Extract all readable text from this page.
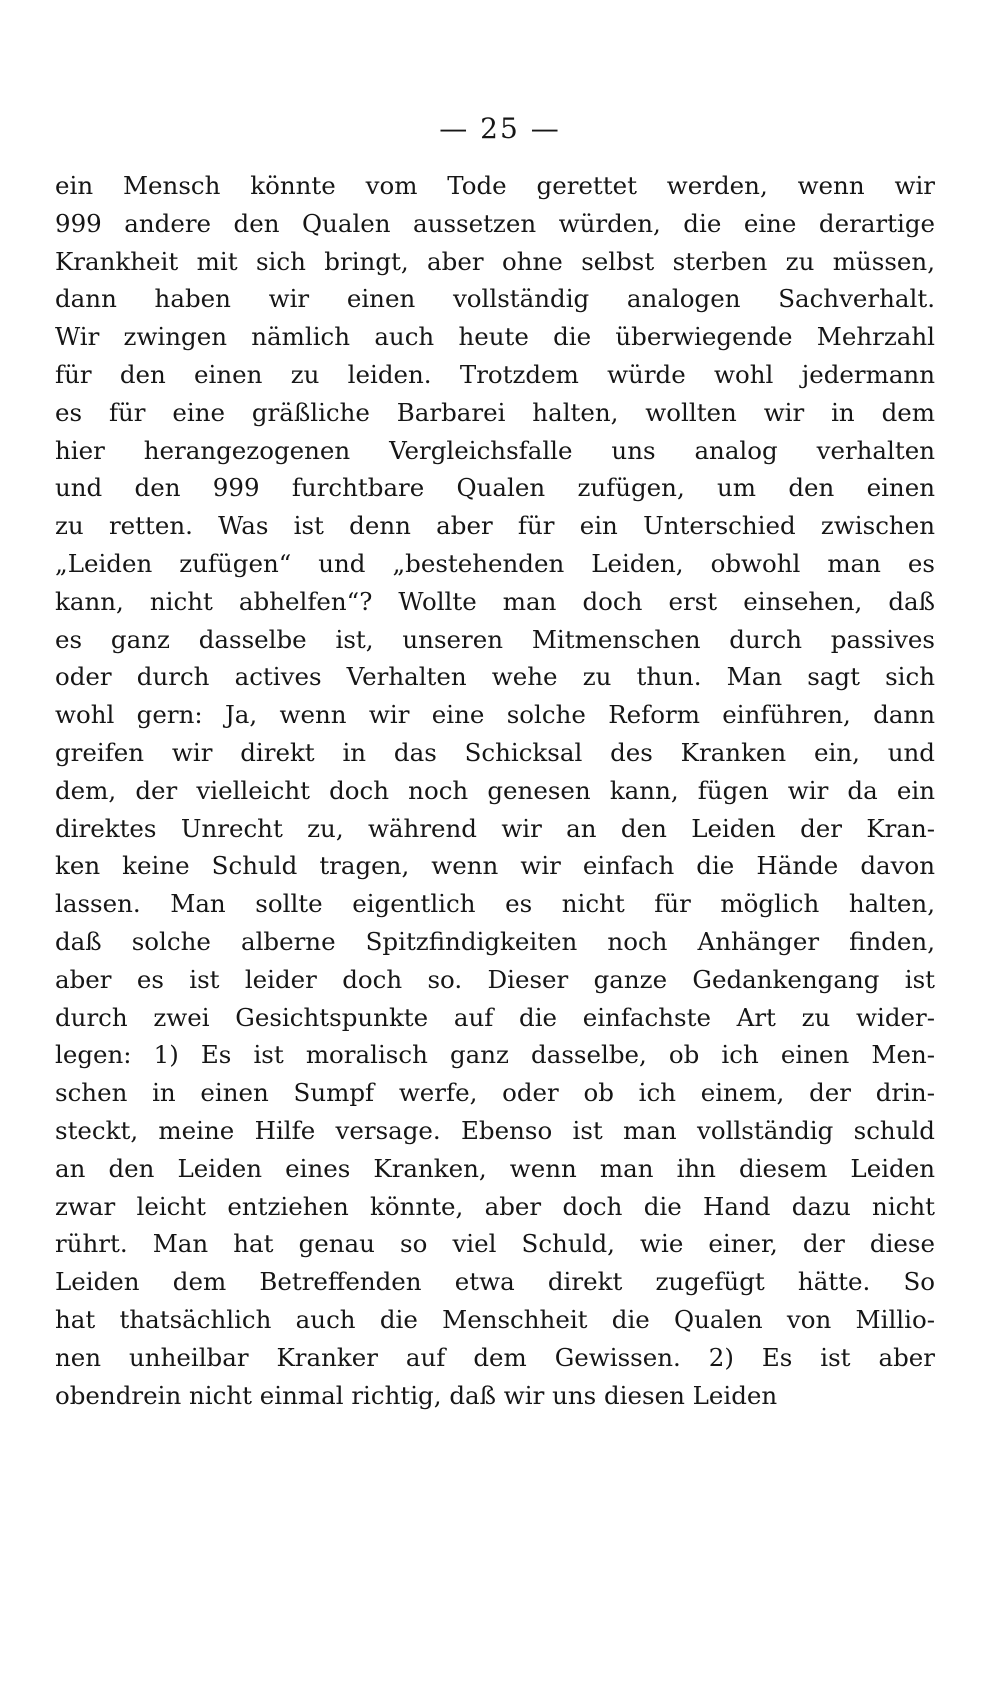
— 25 —
ein Mensch könnte vom Tode gerettet werden, wenn wir
999 andere den Qualen aussetzen würden, die eine derartige
Krankheit mit sich bringt, aber ohne selbst sterben zu müssen,
dann haben wir einen vollständig analogen Sachverhalt.
Wir zwingen nämlich auch heute die überwiegende Mehrzahl
für den einen zu leiden. Trotzdem würde wohl jedermann
es für eine gräßliche Barbarei halten, wollten wir in dem
hier herangezogenen Vergleichsfalle uns analog verhalten
und den 999 furchtbare Qualen zufügen, um den einen
zu retten. Was ist denn aber für ein Unterschied zwischen
„Leiden zufügen“ und „bestehenden Leiden, obwohl man es
kann, nicht abhelfen“? Wollte man doch erst einsehen, daß
es ganz dasselbe ist, unseren Mitmenschen durch passives
oder durch actives Verhalten wehe zu thun. Man sagt sich
wohl gern: Ja, wenn wir eine solche Reform einführen, dann
greifen wir direkt in das Schicksal des Kranken ein, und
dem, der vielleicht doch noch genesen kann, fügen wir da ein
direktes Unrecht zu, während wir an den Leiden der Kran-
ken keine Schuld tragen, wenn wir einfach die Hände davon
lassen. Man sollte eigentlich es nicht für möglich halten,
daß solche alberne Spitzfindigkeiten noch Anhänger finden,
aber es ist leider doch so. Dieser ganze Gedankengang ist
durch zwei Gesichtspunkte auf die einfachste Art zu wider-
legen: 1) Es ist moralisch ganz dasselbe, ob ich einen Men-
schen in einen Sumpf werfe, oder ob ich einem, der drin-
steckt, meine Hilfe versage. Ebenso ist man vollständig schuld
an den Leiden eines Kranken, wenn man ihn diesem Leiden
zwar leicht entziehen könnte, aber doch die Hand dazu nicht
rührt. Man hat genau so viel Schuld, wie einer, der diese
Leiden dem Betreffenden etwa direkt zugefügt hätte. So
hat thatsächlich auch die Menschheit die Qualen von Millio-
nen unheilbar Kranker auf dem Gewissen. 2) Es ist aber
obendrein nicht einmal richtig, daß wir uns diesen Leiden
